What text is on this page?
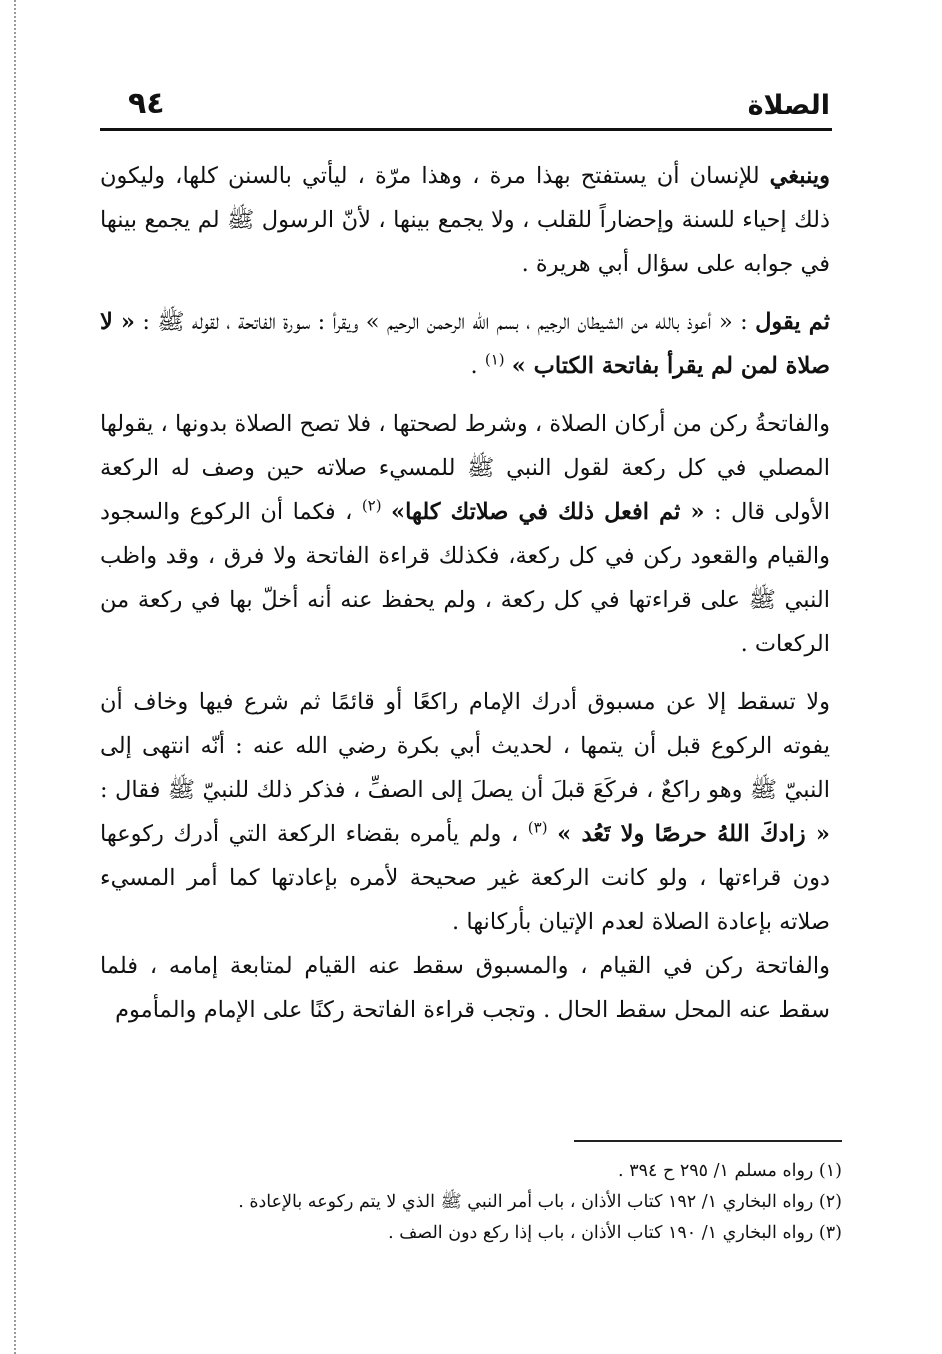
الصلاة
٩٤

وينبغي للإنسان أن يستفتح بهذا مرة ، وهذا مرّة ، ليأتي بالسنن كلها، وليكون ذلك إحياء للسنة وإحضاراً للقلب ، ولا يجمع بينها ، لأنّ الرسول ﷺ لم يجمع بينها في جوابه على سؤال أبي هريرة .

ثم يقول : « أعوذ بالله من الشيطان الرجيم ، بسم الله الرحمن الرحيم » ويقرأ : سورة الفاتحة ، لقوله ﷺ : « لا صلاة لمن لم يقرأ بفاتحة الكتاب » $^{(١)}$ .

والفاتحةُ ركن من أركان الصلاة ، وشرط لصحتها ، فلا تصح الصلاة بدونها ، يقولها المصلي في كل ركعة لقول النبي ﷺ للمسيء صلاته حين وصف له الركعة الأولى قال : « ثم افعل ذلك في صلاتك كلها» $^{(٢)}$ ، فكما أن الركوع والسجود والقيام والقعود ركن في كل ركعة، فكذلك قراءة الفاتحة ولا فرق ، وقد واظب النبي ﷺ على قراءتها في كل ركعة ، ولم يحفظ عنه أنه أخلّ بها في ركعة من الركعات .

ولا تسقط إلا عن مسبوق أدرك الإمام راكعًا أو قائمًا ثم شرع فيها وخاف أن يفوته الركوع قبل أن يتمها ، لحديث أبي بكرة رضي الله عنه : أنّه انتهى إلى النبيّ ﷺ وهو راكعٌ ، فركَعَ قبلَ أن يصلَ إلى الصفِّ ، فذكر ذلك للنبيّ ﷺ فقال : « زادكَ اللهُ حرصًا ولا تَعُد » $^{(٣)}$ ، ولم يأمره بقضاء الركعة التي أدرك ركوعها دون قراءتها ، ولو كانت الركعة غير صحيحة لأمره بإعادتها كما أمر المسيء صلاته بإعادة الصلاة لعدم الإتيان بأركانها .

والفاتحة ركن في القيام ، والمسبوق سقط عنه القيام لمتابعة إمامه ، فلما سقط عنه المحل سقط الحال . وتجب قراءة الفاتحة ركنًا على الإمام والمأموم

(١) رواه مسلم ١/ ٢٩٥ ح ٣٩٤ .
(٢) رواه البخاري ١/ ١٩٢ كتاب الأذان ، باب أمر النبي ﷺ الذي لا يتم ركوعه بالإعادة .
(٣) رواه البخاري ١/ ١٩٠ كتاب الأذان ، باب إذا ركع دون الصف .
